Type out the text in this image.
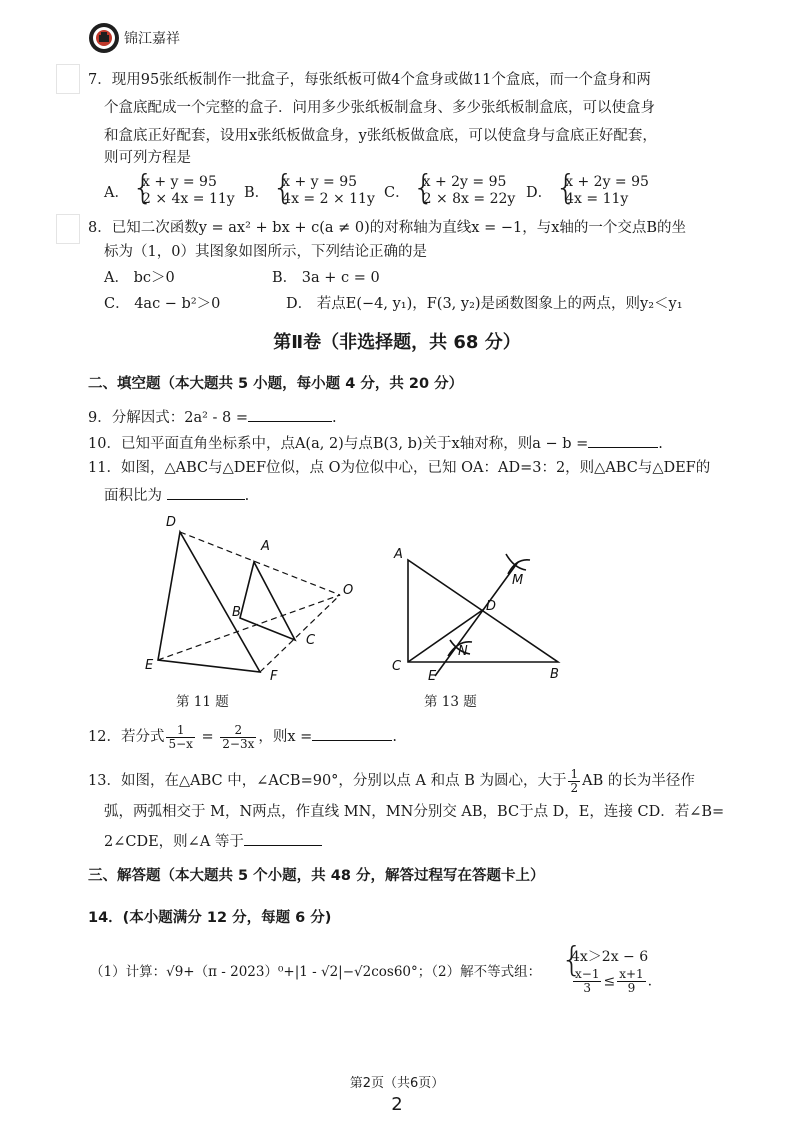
锦江嘉祥
7．现用95张纸板制作一批盒子，每张纸板可做4个盒身或做11个盒底，而一个盒身和两
个盒底配成一个完整的盒子．问用多少张纸板制盒身、多少张纸板制盒底，可以使盒身
和盒底正好配套，设用x张纸板做盒身，y张纸板做盒底，可以使盒身与盒底正好配套，
则可列方程是
A．
{ x + y = 95
2 × 4x = 11y B．
{ x + y = 95
4x = 2 × 11y C．
{ x + 2y = 95
2 × 8x = 22y D．
{ x + 2y = 95
4x = 11y
8．已知二次函数y = ax² + bx + c(a ≠ 0)的对称轴为直线x = −1，与x轴的一个交点B的坐
标为（1，0）其图象如图所示，下列结论正确的是
A． bc＞0	B． 3a + c = 0
C． 4ac − b²＞0	D． 若点E(−4, y₁)，F(3, y₂)是函数图象上的两点，则y₂＜y₁
第Ⅱ卷（非选择题，共 68 分）
二、填空题（本大题共 5 小题，每小题 4 分，共 20 分）
9．分解因式：2a² - 8 =	.
10．已知平面直角坐标系中，点A(a, 2)与点B(3, b)关于x轴对称，则a − b =	.
11．如图，△ABC与△DEF位似，点 O为位似中心，已知 OA：AD=3：2，则△ABC与△DEF的
面积比为	.
D
A
O
B
C
E
F
第 11 题
A
M
D
N
C
E	B
第 13 题
12．若分式 $\frac{1}{5-x} = \frac{2}{2-3x}$ ，则x =	.
13．如图，在△ABC 中，∠ACB=90°，分别以点 A 和点 B 为圆心，大于 $\frac{1}{2}$ AB 的长为半径作
弧，两弧相交于 M，N两点，作直线 MN，MN分别交 AB，BC于点 D，E，连接 CD．若∠B=
2∠CDE，则∠A 等于
三、解答题（本大题共 5 个小题，共 48 分，解答过程写在答题卡上）
14．(本小题满分 12 分，每题 6 分)
（1）计算：√9+（π - 2023）⁰+|1 - √2|−√2cos60°；（2）解不等式组：
{ 4x＞2x − 6
$\frac{x-1}{3} \le \frac{x+1}{9}$ .
第2页（共6页）
2
